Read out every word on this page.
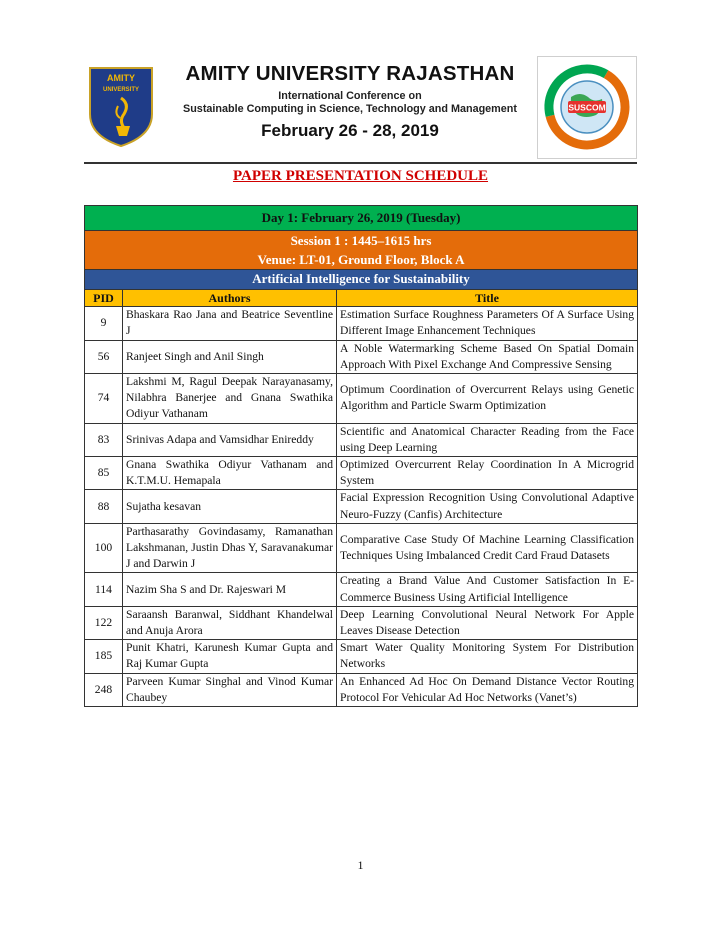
AMITY
UNIVERSITY
AMITY UNIVERSITY RAJASTHAN
International Conference on
Sustainable Computing in Science, Technology and Management
February 26 - 28, 2019
SUSCOM
PAPER PRESENTATION SCHEDULE
Day 1: February 26, 2019 (Tuesday)		

Session 1 : 1445–1615 hrs
Venue: LT-01, Ground Floor, Block A		

Artificial Intelligence for Sustainability		
PID	Authors	Title
9	Bhaskara Rao Jana and Beatrice Seventline J	Estimation Surface Roughness Parameters Of A Surface Using Different Image Enhancement Techniques
56	Ranjeet Singh and Anil Singh	A Noble Watermarking Scheme Based On Spatial Domain Approach With Pixel Exchange And Compressive Sensing
74	Lakshmi M, Ragul Deepak Narayanasamy, Nilabhra Banerjee and Gnana Swathika Odiyur Vathanam	Optimum Coordination of Overcurrent Relays using Genetic Algorithm and Particle Swarm Optimization
83	Srinivas Adapa and Vamsidhar Enireddy	Scientific and Anatomical Character Reading from the Face using Deep Learning
85	Gnana Swathika Odiyur Vathanam and K.T.M.U. Hemapala	Optimized Overcurrent Relay Coordination In A Microgrid System
88	Sujatha kesavan	Facial Expression Recognition Using Convolutional Adaptive Neuro-Fuzzy (Canfis) Architecture
100	Parthasarathy Govindasamy, Ramanathan Lakshmanan, Justin Dhas Y, Saravanakumar J and Darwin J	Comparative Case Study Of Machine Learning Classification Techniques Using Imbalanced Credit Card Fraud Datasets
114	Nazim Sha S and Dr. Rajeswari M	Creating a Brand Value And Customer Satisfaction In E-Commerce Business Using Artificial Intelligence
122	Saraansh Baranwal, Siddhant Khandelwal and Anuja Arora	Deep Learning Convolutional Neural Network For Apple Leaves Disease Detection
185	Punit Khatri, Karunesh Kumar Gupta and Raj Kumar Gupta	Smart Water Quality Monitoring System For Distribution Networks
248	Parveen Kumar Singhal and Vinod Kumar Chaubey	An Enhanced Ad Hoc On Demand Distance Vector Routing Protocol For Vehicular Ad Hoc Networks (Vanet’s)
1
